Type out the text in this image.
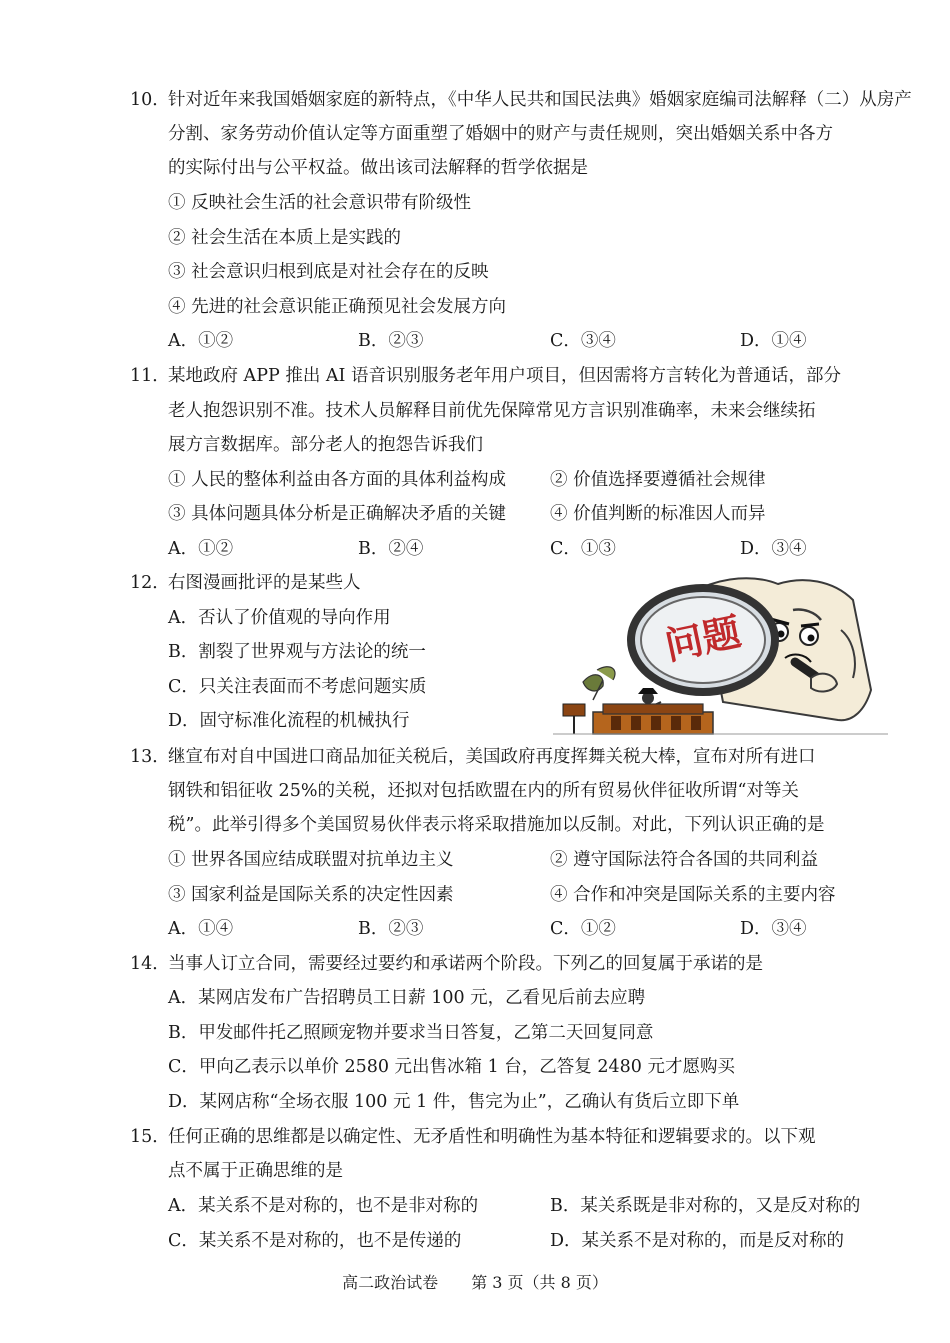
10．
针对近年来我国婚姻家庭的新特点，《中华人民共和国民法典》婚姻家庭编司法解释（二）从房产
分割、家务劳动价值认定等方面重塑了婚姻中的财产与责任规则，突出婚姻关系中各方
的实际付出与公平权益。做出该司法解释的哲学依据是
① 反映社会生活的社会意识带有阶级性
② 社会生活在本质上是实践的
③ 社会意识归根到底是对社会存在的反映
④ 先进的社会意识能正确预见社会发展方向
A．①②	B．②③	C．③④	D．①④
11．
某地政府 APP 推出 AI 语音识别服务老年用户项目，但因需将方言转化为普通话，部分
老人抱怨识别不准。技术人员解释目前优先保障常见方言识别准确率，未来会继续拓
展方言数据库。部分老人的抱怨告诉我们
① 人民的整体利益由各方面的具体利益构成	② 价值选择要遵循社会规律
③ 具体问题具体分析是正确解决矛盾的关键	④ 价值判断的标准因人而异
A．①②	B．②④	C．①③	D．③④
12．
右图漫画批评的是某些人
A．否认了价值观的导向作用
B．割裂了世界观与方法论的统一
C．只关注表面而不考虑问题实质
D．固守标准化流程的机械执行
问题
13．
继宣布对自中国进口商品加征关税后，美国政府再度挥舞关税大棒，宣布对所有进口
钢铁和铝征收 25%的关税，还拟对包括欧盟在内的所有贸易伙伴征收所谓“对等关
税”。此举引得多个美国贸易伙伴表示将采取措施加以反制。对此，下列认识正确的是
① 世界各国应结成联盟对抗单边主义	② 遵守国际法符合各国的共同利益
③ 国家利益是国际关系的决定性因素	④ 合作和冲突是国际关系的主要内容
A．①④	B．②③	C．①②	D．③④
14．
当事人订立合同，需要经过要约和承诺两个阶段。下列乙的回复属于承诺的是
A．某网店发布广告招聘员工日薪 100 元，乙看见后前去应聘
B．甲发邮件托乙照顾宠物并要求当日答复，乙第二天回复同意
C．甲向乙表示以单价 2580 元出售冰箱 1 台，乙答复 2480 元才愿购买
D．某网店称“全场衣服 100 元 1 件，售完为止”，乙确认有货后立即下单
15．
任何正确的思维都是以确定性、无矛盾性和明确性为基本特征和逻辑要求的。以下观
点不属于正确思维的是
A．某关系不是对称的，也不是非对称的	B．某关系既是非对称的，又是反对称的
C．某关系不是对称的，也不是传递的	D．某关系不是对称的，而是反对称的
高二政治试卷 第 3 页（共 8 页）
